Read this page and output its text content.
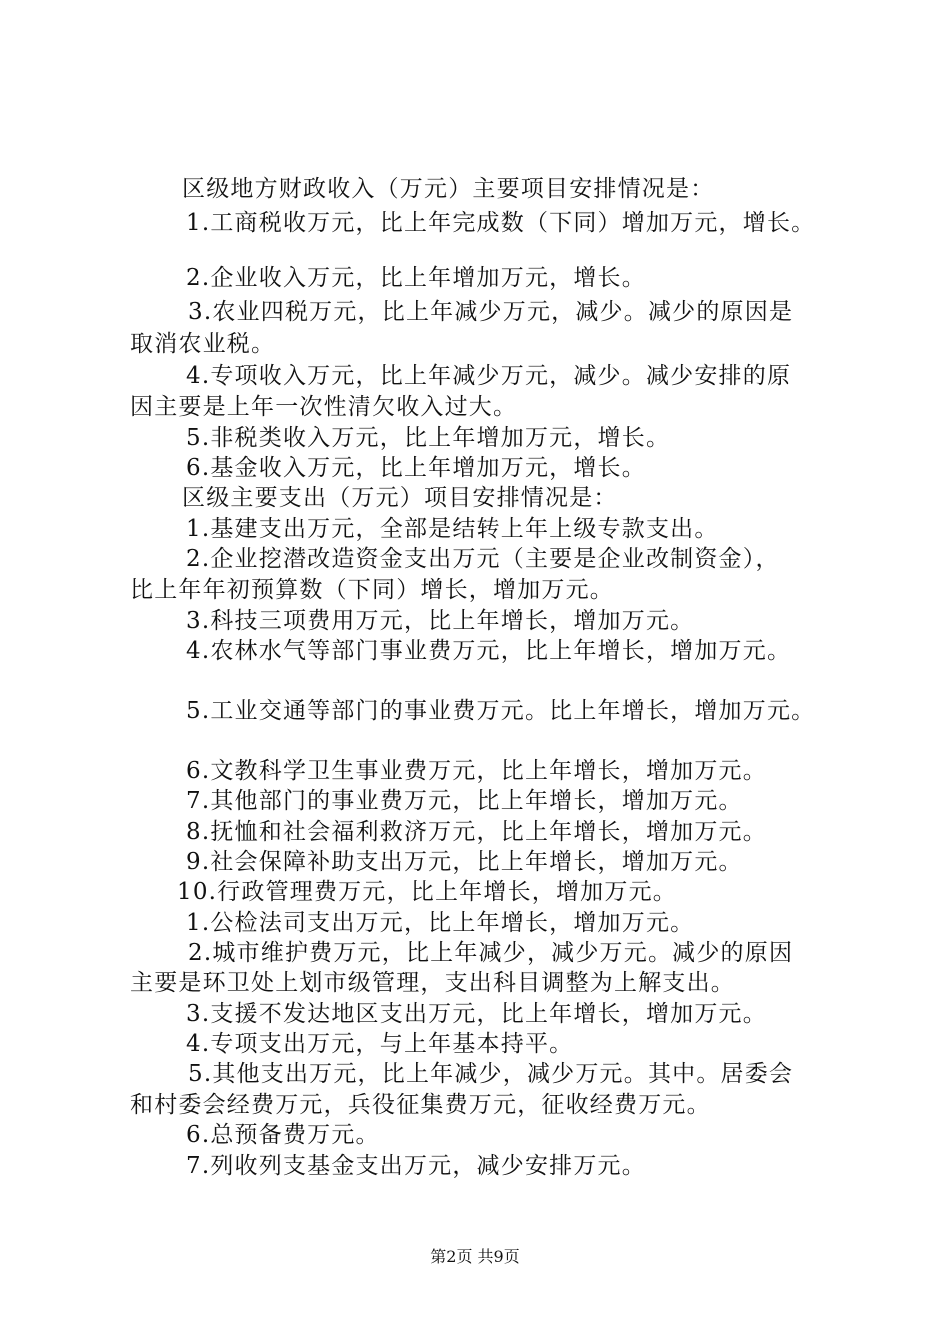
区级地方财政收入（万元）主要项目安排情况是：
1.工商税收万元，比上年完成数（下同）增加万元，增长。
2.企业收入万元，比上年增加万元，增长。
3.农业四税万元，比上年减少万元，减少。减少的原因是
取消农业税。
4.专项收入万元，比上年减少万元，减少。减少安排的原
因主要是上年一次性清欠收入过大。
5.非税类收入万元，比上年增加万元，增长。
6.基金收入万元，比上年增加万元，增长。
区级主要支出（万元）项目安排情况是：
1.基建支出万元，全部是结转上年上级专款支出。
2.企业挖潜改造资金支出万元（主要是企业改制资金），
比上年年初预算数（下同）增长，增加万元。
3.科技三项费用万元，比上年增长，增加万元。
4.农林水气等部门事业费万元，比上年增长，增加万元。
5.工业交通等部门的事业费万元。比上年增长，增加万元。
6.文教科学卫生事业费万元，比上年增长，增加万元。
7.其他部门的事业费万元，比上年增长，增加万元。
8.抚恤和社会福利救济万元，比上年增长，增加万元。
9.社会保障补助支出万元，比上年增长，增加万元。
10.行政管理费万元，比上年增长，增加万元。
1.公检法司支出万元，比上年增长，增加万元。
2.城市维护费万元，比上年减少，减少万元。减少的原因
主要是环卫处上划市级管理，支出科目调整为上解支出。
3.支援不发达地区支出万元，比上年增长，增加万元。
4.专项支出万元，与上年基本持平。
5.其他支出万元，比上年减少，减少万元。其中。居委会
和村委会经费万元，兵役征集费万元，征收经费万元。
6.总预备费万元。
7.列收列支基金支出万元，减少安排万元。
第2页 共9页
